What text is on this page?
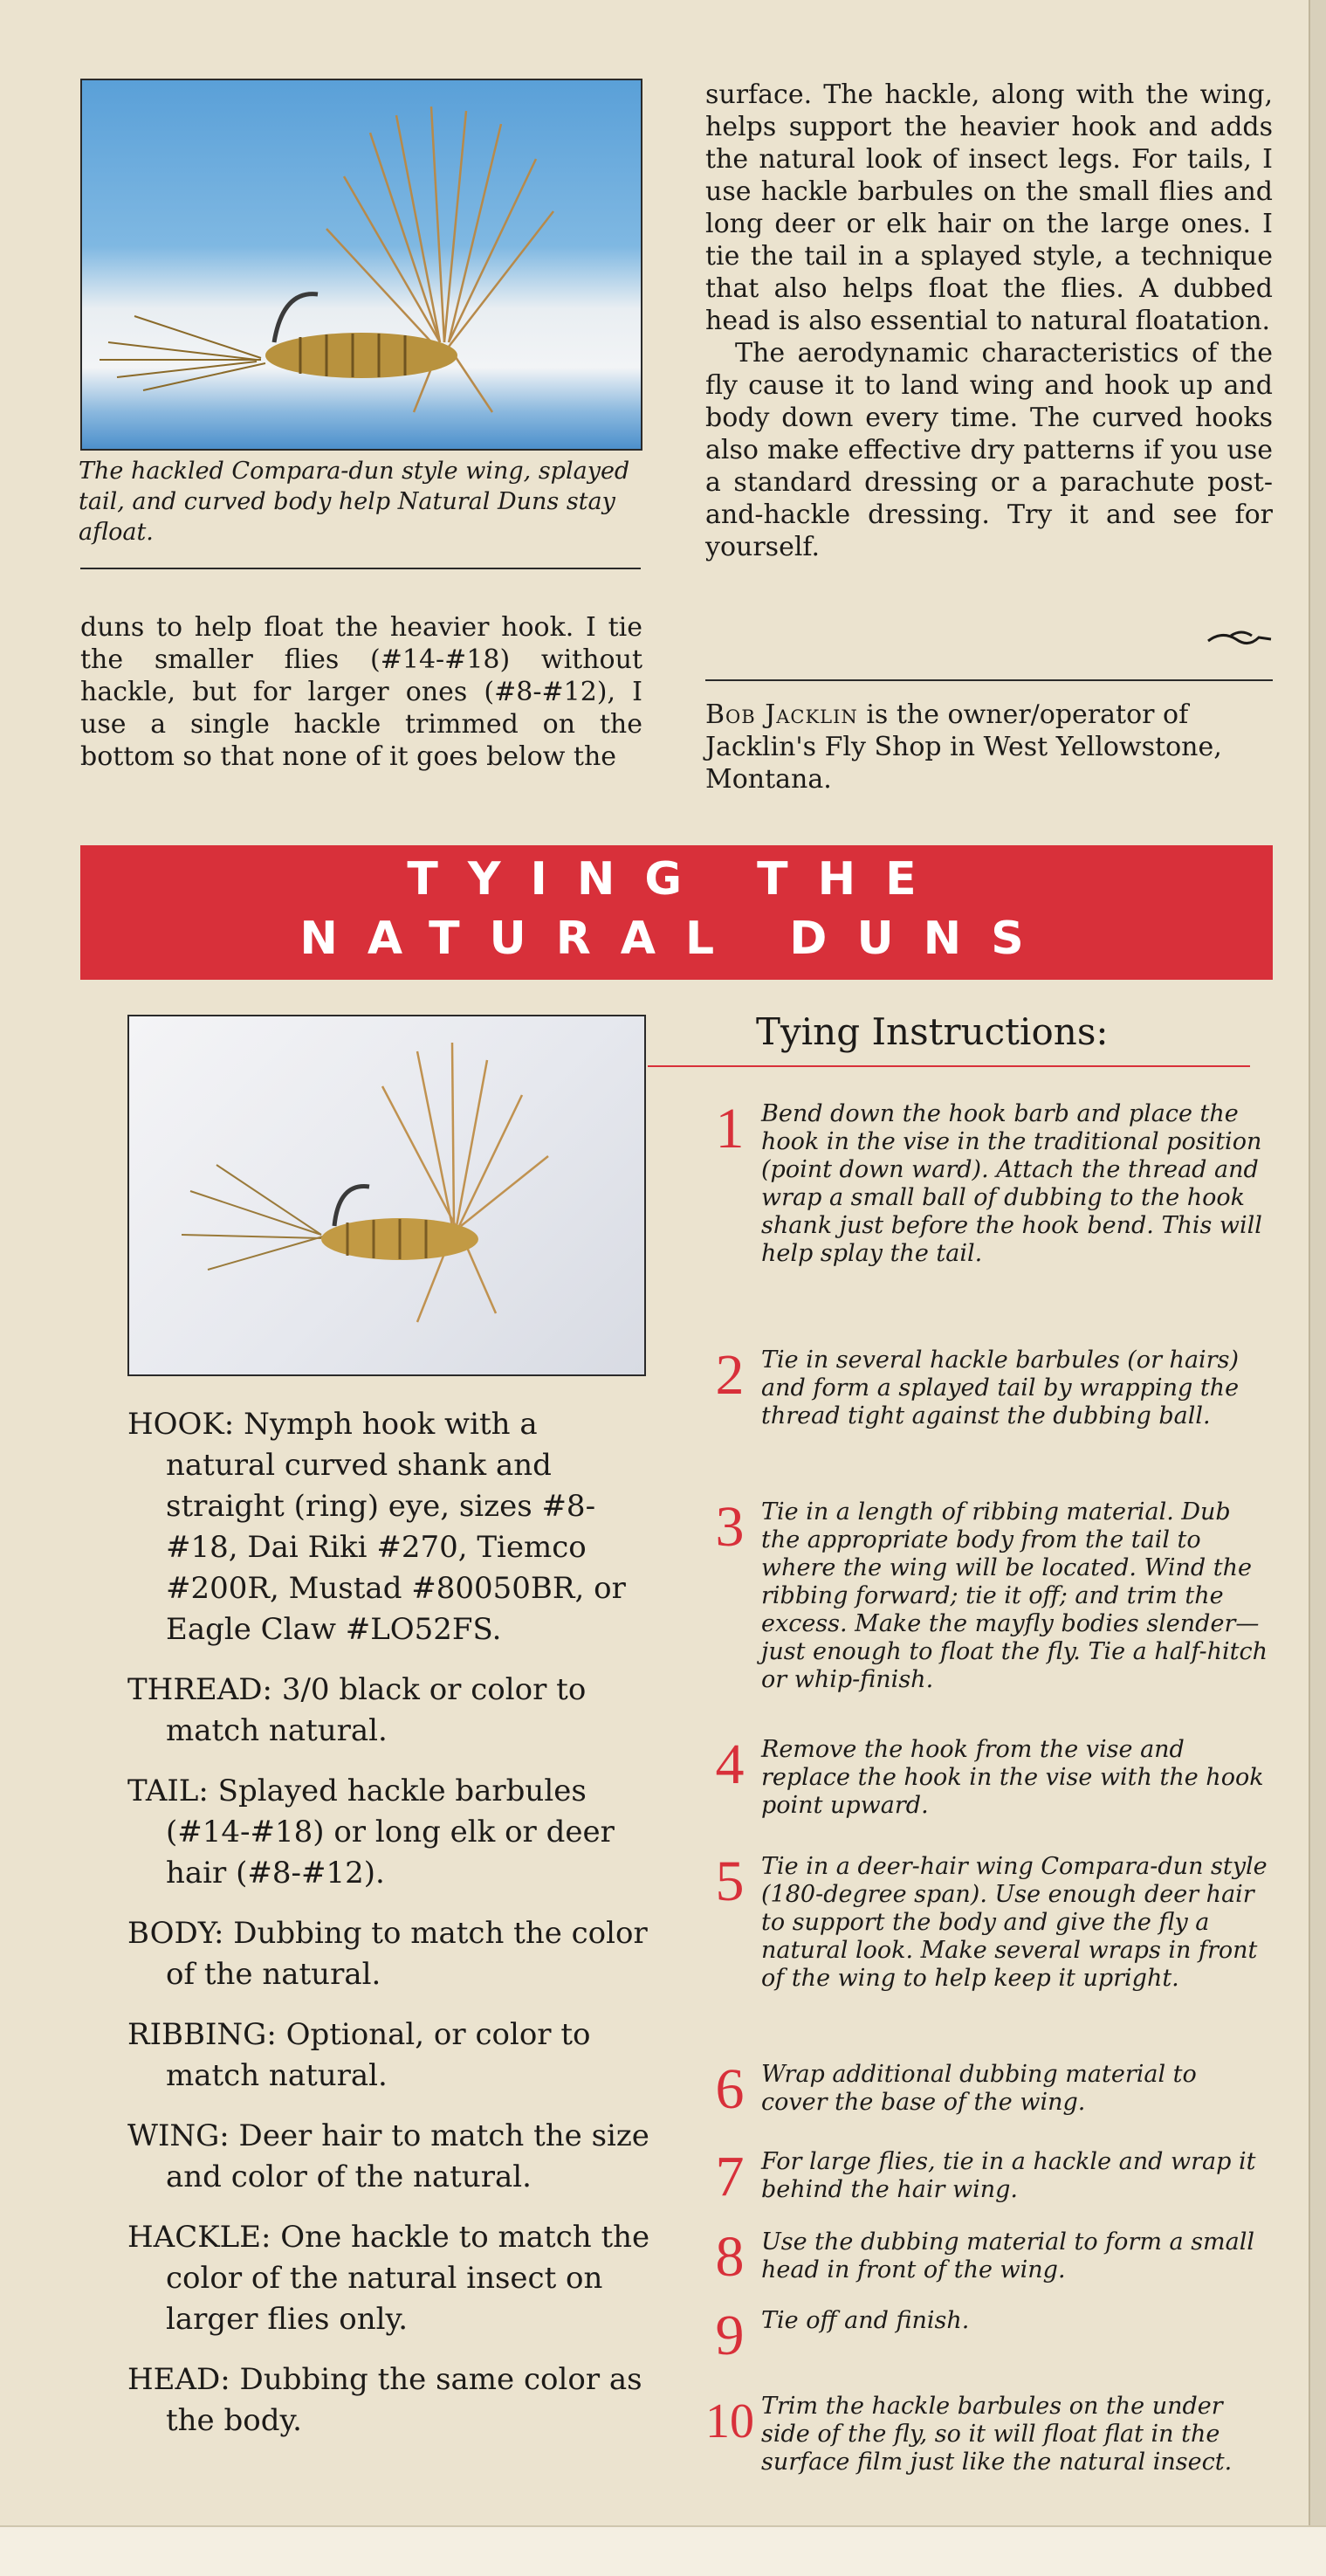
The hackled Compara-dun style wing, splayed tail, and curved body help Natural Duns stay afloat.

duns to help float the heavier hook. I tie the smaller flies (#14-#18) without hackle, but for larger ones (#8-#12), I use a single hackle trimmed on the bottom so that none of it goes below the

surface. The hackle, along with the wing, helps support the heavier hook and adds the natural look of insect legs. For tails, I use hackle barbules on the small flies and long deer or elk hair on the large ones. I tie the tail in a splayed style, a technique that also helps float the flies. A dubbed head is also essential to natural floatation.

The aerodynamic characteristics of the fly cause it to land wing and hook up and body down every time. The curved hooks also make effective dry patterns if you use a standard dressing or a parachute post-and-hackle dressing. Try it and see for yourself.

Bob Jacklin is the owner/operator of Jacklin's Fly Shop in West Yellowstone, Montana.
TYING THE
NATURAL DUNS
HOOK: Nymph hook with a natural curved shank and straight (ring) eye, sizes #8-#18, Dai Riki #270, Tiemco #200R, Mustad #80050BR, or Eagle Claw #LO52FS.
THREAD: 3/0 black or color to match natural.
TAIL: Splayed hackle barbules (#14-#18) or long elk or deer hair (#8-#12).
BODY: Dubbing to match the color of the natural.
RIBBING: Optional, or color to match natural.
WING: Deer hair to match the size and color of the natural.
HACKLE: One hackle to match the color of the natural insect on larger flies only.
HEAD: Dubbing the same color as the body.
Tying Instructions:
1 Bend down the hook barb and place the hook in the vise in the traditional position (point down ward). Attach the thread and wrap a small ball of dubbing to the hook shank just before the hook bend. This will help splay the tail.
2 Tie in several hackle barbules (or hairs) and form a splayed tail by wrapping the thread tight against the dubbing ball.
3 Tie in a length of ribbing material. Dub the appropriate body from the tail to where the wing will be located. Wind the ribbing forward; tie it off; and trim the excess. Make the mayfly bodies slender—just enough to float the fly. Tie a half-hitch or whip-finish.
4 Remove the hook from the vise and replace the hook in the vise with the hook point upward.
5 Tie in a deer-hair wing Compara-dun style (180-degree span). Use enough deer hair to support the body and give the fly a natural look. Make several wraps in front of the wing to help keep it upright.
6 Wrap additional dubbing material to cover the base of the wing.
7 For large flies, tie in a hackle and wrap it behind the hair wing.
8 Use the dubbing material to form a small head in front of the wing.
9 Tie off and finish.
10 Trim the hackle barbules on the under side of the fly, so it will float flat in the surface film just like the natural insect.
